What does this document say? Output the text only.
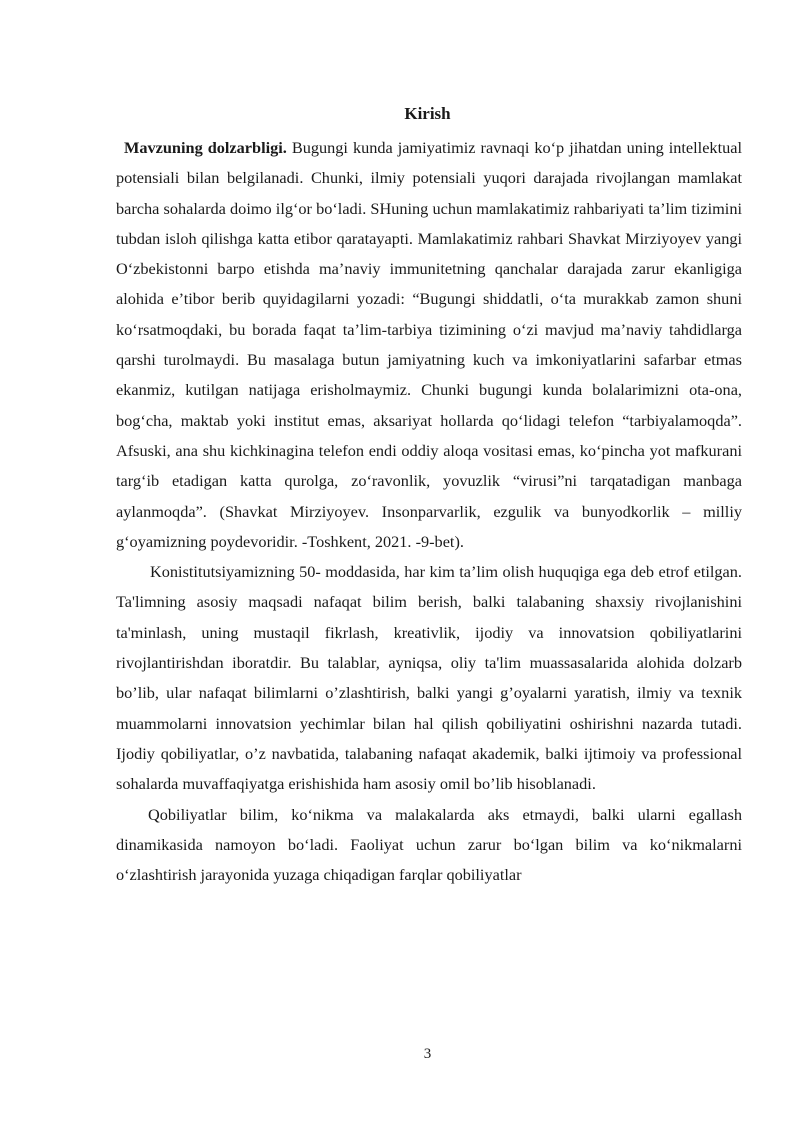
Kirish

Mavzuning dolzarbligi. Bugungi kunda jamiyatimiz ravnaqi ko‘p jihatdan uning intellektual potensiali bilan belgilanadi. Chunki, ilmiy potensiali yuqori darajada rivojlangan mamlakat barcha sohalarda doimo ilg‘or bo‘ladi. SHuning uchun mamlakatimiz rahbariyati ta’lim tizimini tubdan isloh qilishga katta etibor qaratayapti. Mamlakatimiz rahbari Shavkat Mirziyoyev yangi O‘zbekistonni barpo etishda ma’naviy immunitetning qanchalar darajada zarur ekanligiga alohida e’tibor berib quyidagilarni yozadi: “Bugungi shiddatli, o‘ta murakkab zamon shuni ko‘rsatmoqdaki, bu borada faqat ta’lim-tarbiya tizimining o‘zi mavjud ma’naviy tahdidlarga qarshi turolmaydi. Bu masalaga butun jamiyatning kuch va imkoniyatlarini safarbar etmas ekanmiz, kutilgan natijaga erisholmaymiz. Chunki bugungi kunda bolalarimizni ota-ona, bog‘cha, maktab yoki institut emas, aksariyat hollarda qo‘lidagi telefon “tarbiyalamoqda”. Afsuski, ana shu kichkinagina telefon endi oddiy aloqa vositasi emas, ko‘pincha yot mafkurani targ‘ib etadigan katta qurolga, zo‘ravonlik, yovuzlik “virusi”ni tarqatadigan manbaga aylanmoqda”. (Shavkat Mirziyoyev. Insonparvarlik, ezgulik va bunyodkorlik – milliy g‘oyamizning poydevoridir. -Toshkent, 2021. -9-bet).

Konistitutsiyamizning 50- moddasida, har kim ta’lim olish huquqiga ega deb etrof etilgan. Ta'limning asosiy maqsadi nafaqat bilim berish, balki talabaning shaxsiy rivojlanishini ta'minlash, uning mustaqil fikrlash, kreativlik, ijodiy va innovatsion qobiliyatlarini rivojlantirishdan iboratdir. Bu talablar, ayniqsa, oliy ta'lim muassasalarida alohida dolzarb bo’lib, ular nafaqat bilimlarni o’zlashtirish, balki yangi g’oyalarni yaratish, ilmiy va texnik muammolarni innovatsion yechimlar bilan hal qilish qobiliyatini oshirishni nazarda tutadi. Ijodiy qobiliyatlar, o’z navbatida, talabaning nafaqat akademik, balki ijtimoiy va professional sohalarda muvaffaqiyatga erishishida ham asosiy omil bo’lib hisoblanadi.

Qobiliyatlar bilim, ko‘nikma va malakalarda aks etmaydi, balki ularni egallash dinamikasida namoyon bo‘ladi. Faoliyat uchun zarur bo‘lgan bilim va ko‘nikmalarni o‘zlashtirish jarayonida yuzaga chiqadigan farqlar qobiliyatlar

3
